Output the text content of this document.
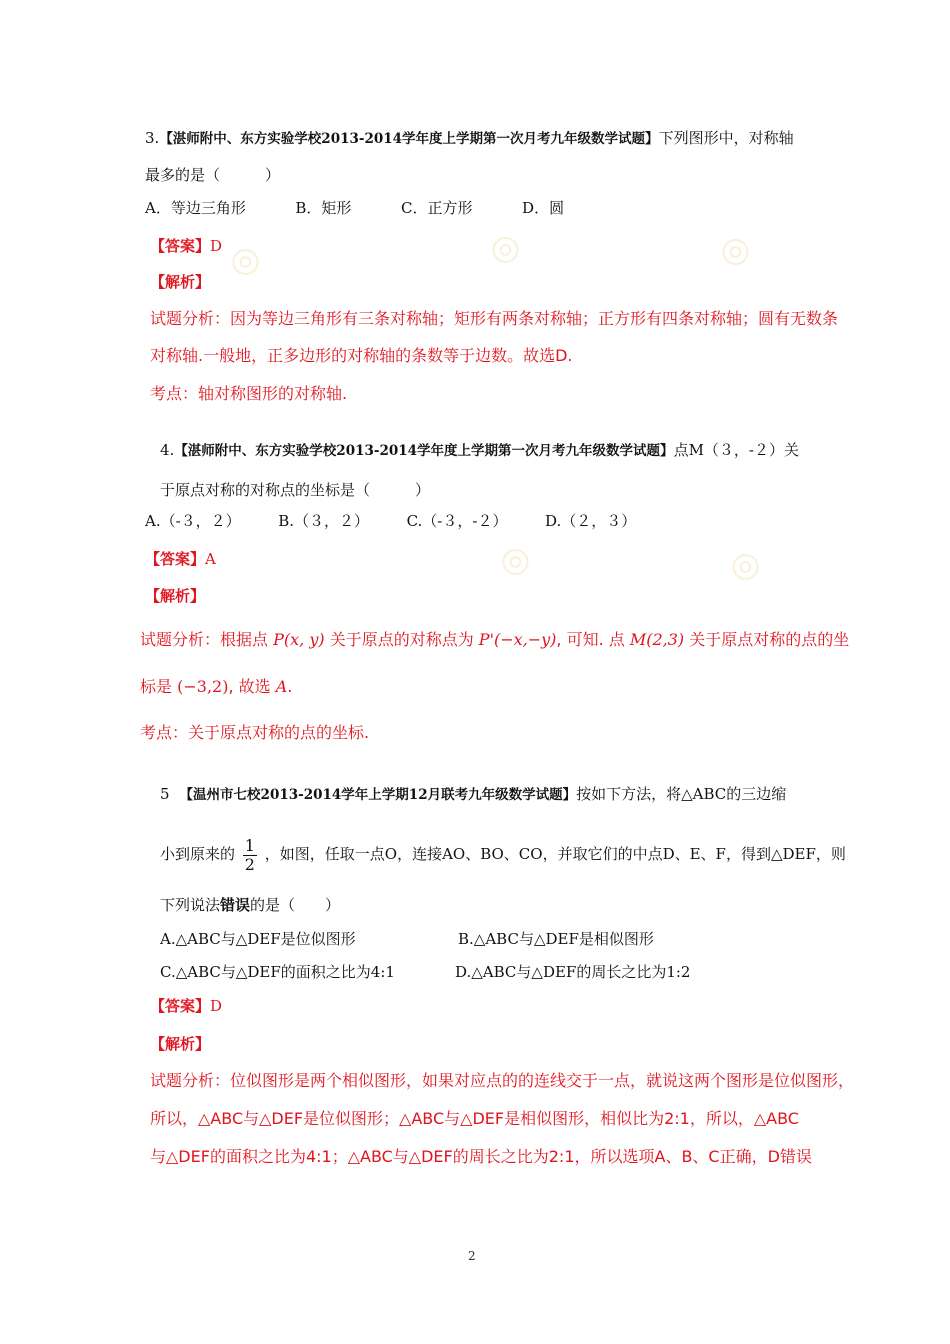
◎	◎	◎
◎	◎
3.【湛师附中、东方实验学校2013-2014学年度上学期第一次月考九年级数学试题】下列图形中，对称轴
最多的是（　　　）
A．等边三角形	B．矩形	C．正方形	D．圆
【答案】D
【解析】
试题分析：因为等边三角形有三条对称轴；矩形有两条对称轴；正方形有四条对称轴；圆有无数条
对称轴.一般地，正多边形的对称轴的条数等于边数。故选D.
考点：轴对称图形的对称轴.
4.【湛师附中、东方实验学校2013-2014学年度上学期第一次月考九年级数学试题】点M（３，-２）关
于原点对称的对称点的坐标是（　　　）
A.（-３，２）	B.（３，２）	C.（-３，-２）	D.（２，３）
【答案】A
【解析】
试题分析：根据点 P(x, y) 关于原点的对称点为 P'(−x,−y), 可知. 点 M(2,3) 关于原点对称的点的坐
标是 (−3,2), 故选 A.
考点：关于原点对称的点的坐标.
5 【温州市七校2013-2014学年上学期12月联考九年级数学试题】按如下方法，将△ABC的三边缩
小到原来的 $\frac{1}{2}$ ，如图，任取一点O，连接AO、BO、CO，并取它们的中点D、E、F，得到△DEF，则
下列说法错误的是（　　）
A.△ABC与△DEF是位似图形	B.△ABC与△DEF是相似图形
C.△ABC与△DEF的面积之比为4:1	D.△ABC与△DEF的周长之比为1:2
【答案】D
【解析】
试题分析：位似图形是两个相似图形，如果对应点的的连线交于一点，就说这两个图形是位似图形，
所以，△ABC与△DEF是位似图形；△ABC与△DEF是相似图形，相似比为2:1，所以，△ABC
与△DEF的面积之比为4:1；△ABC与△DEF的周长之比为2:1，所以选项A、B、C正确，D错误
2
